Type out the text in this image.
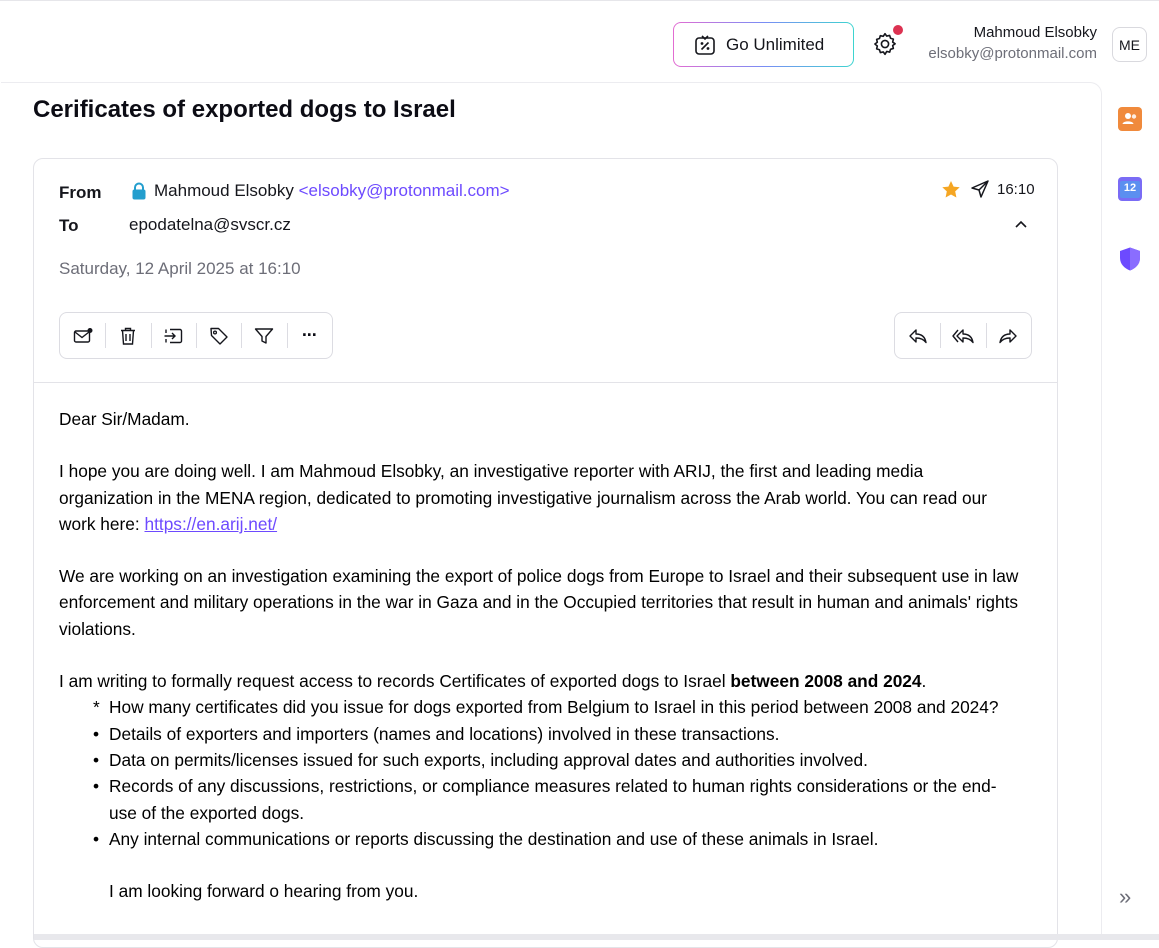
Go Unlimited
Mahmoud Elsobky
elsobky@protonmail.com
ME
Cerificates of exported dogs to Israel
From
To
Mahmoud Elsobky <elsobky@protonmail.com>
epodatelna@svscr.cz
Saturday, 12 April 2025 at 16:10
16:10
···

Dear Sir/Madam.

I hope you are doing well. I am Mahmoud Elsobky, an investigative reporter with ARIJ, the first and leading media organization in the MENA region, dedicated to promoting investigative journalism across the Arab world. You can read our work here: https://en.arij.net/

We are working on an investigation examining the export of police dogs from Europe to Israel and their subsequent use in law enforcement and military operations in the war in Gaza and in the Occupied territories that result in human and animals' rights violations.

I am writing to formally request access to records Certificates of exported dogs to Israel between 2008 and 2024.

* How many certificates did you issue for dogs exported from Belgium to Israel in this period between 2008 and 2024?
• Details of exporters and importers (names and locations) involved in these transactions.
• Data on permits/licenses issued for such exports, including approval dates and authorities involved.
• Records of any discussions, restrictions, or compliance measures related to human rights considerations or the end-use of the exported dogs.
• Any internal communications or reports discussing the destination and use of these animals in Israel.
I am looking forward o hearing from you.
12
»
